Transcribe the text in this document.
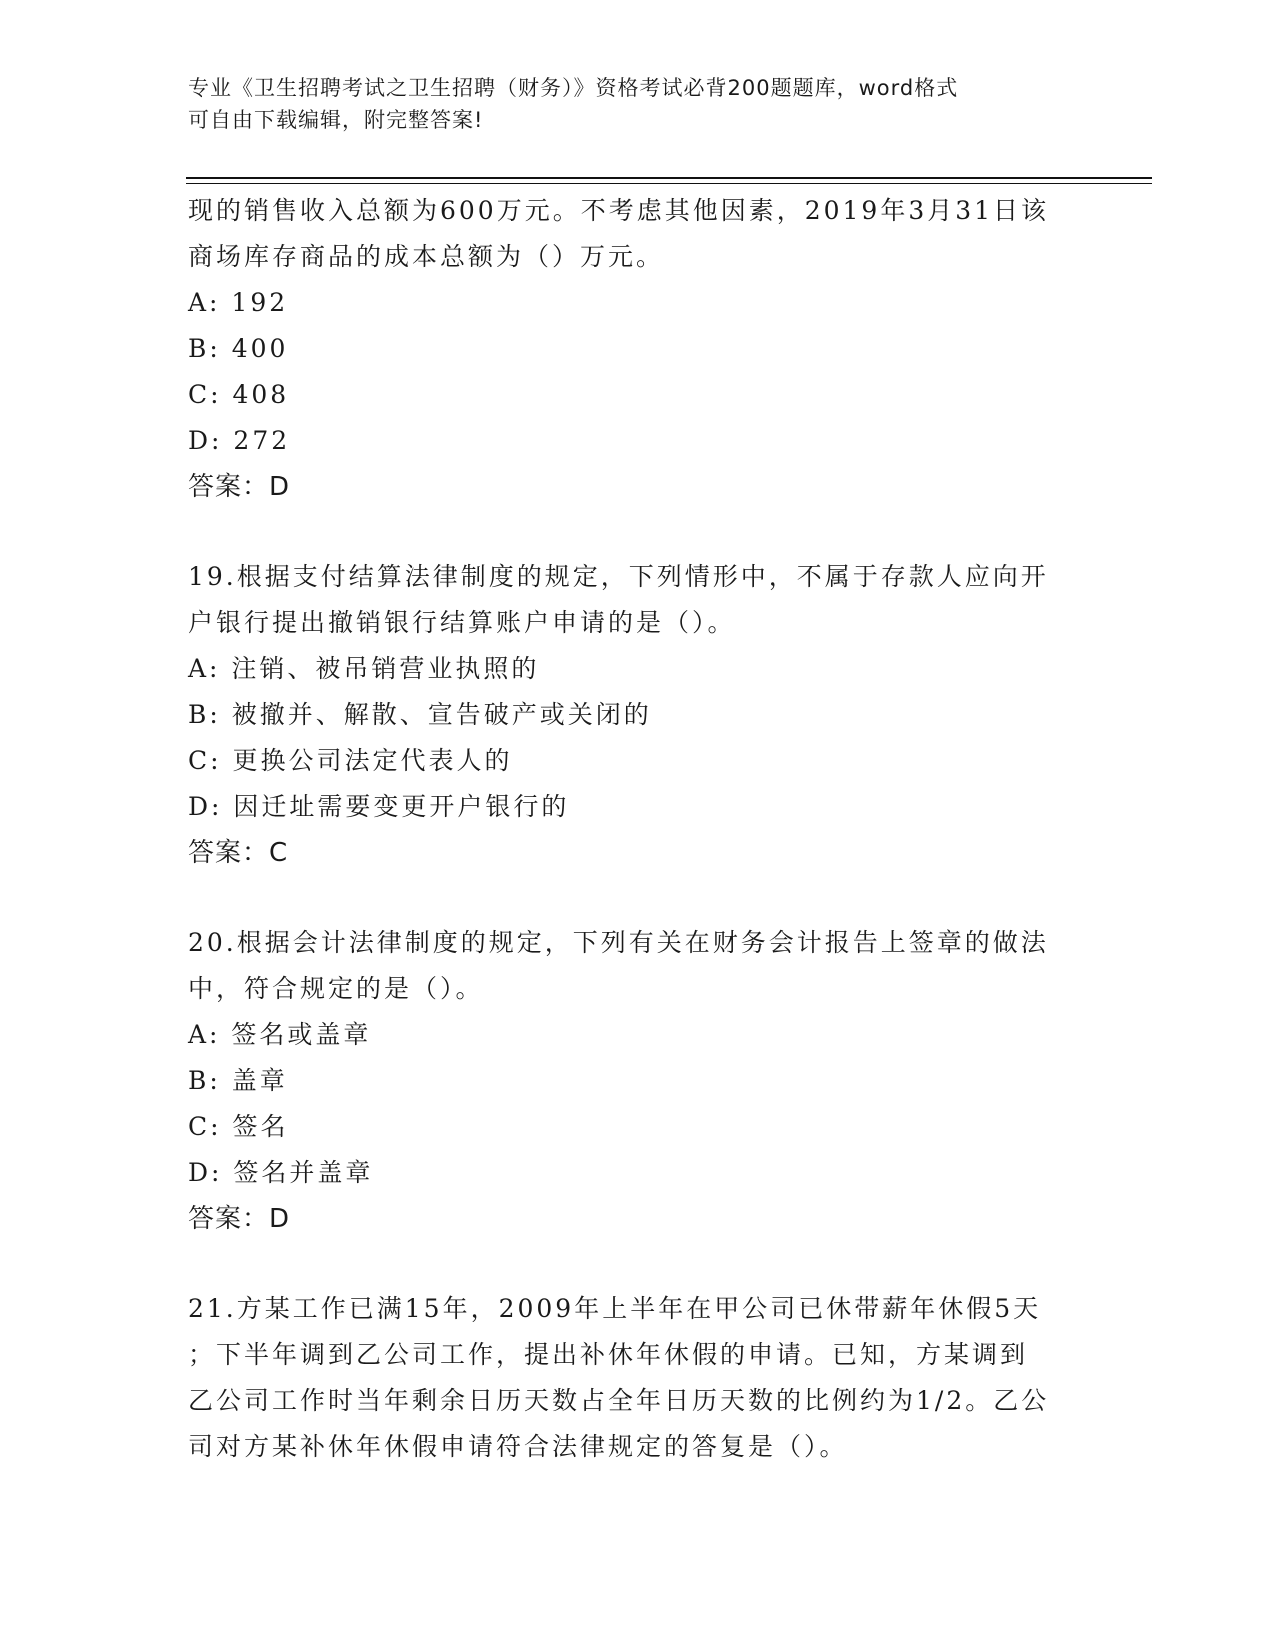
专业《卫生招聘考试之卫生招聘（财务）》资格考试必背200题题库，word格式
可自由下载编辑，附完整答案!
现的销售收入总额为600万元。不考虑其他因素，2019年3月31日该
商场库存商品的成本总额为（）万元。
A: 192
B: 400
C: 408
D: 272
答案：D
19.根据支付结算法律制度的规定，下列情形中，不属于存款人应向开
户银行提出撤销银行结算账户申请的是（）。
A: 注销、被吊销营业执照的
B: 被撤并、解散、宣告破产或关闭的
C: 更换公司法定代表人的
D: 因迁址需要变更开户银行的
答案：C
20.根据会计法律制度的规定，下列有关在财务会计报告上签章的做法
中，符合规定的是（）。
A: 签名或盖章
B: 盖章
C: 签名
D: 签名并盖章
答案：D
21.方某工作已满15年，2009年上半年在甲公司已休带薪年休假5天
；下半年调到乙公司工作，提出补休年休假的申请。已知，方某调到
乙公司工作时当年剩余日历天数占全年日历天数的比例约为1/2。乙公
司对方某补休年休假申请符合法律规定的答复是（）。
